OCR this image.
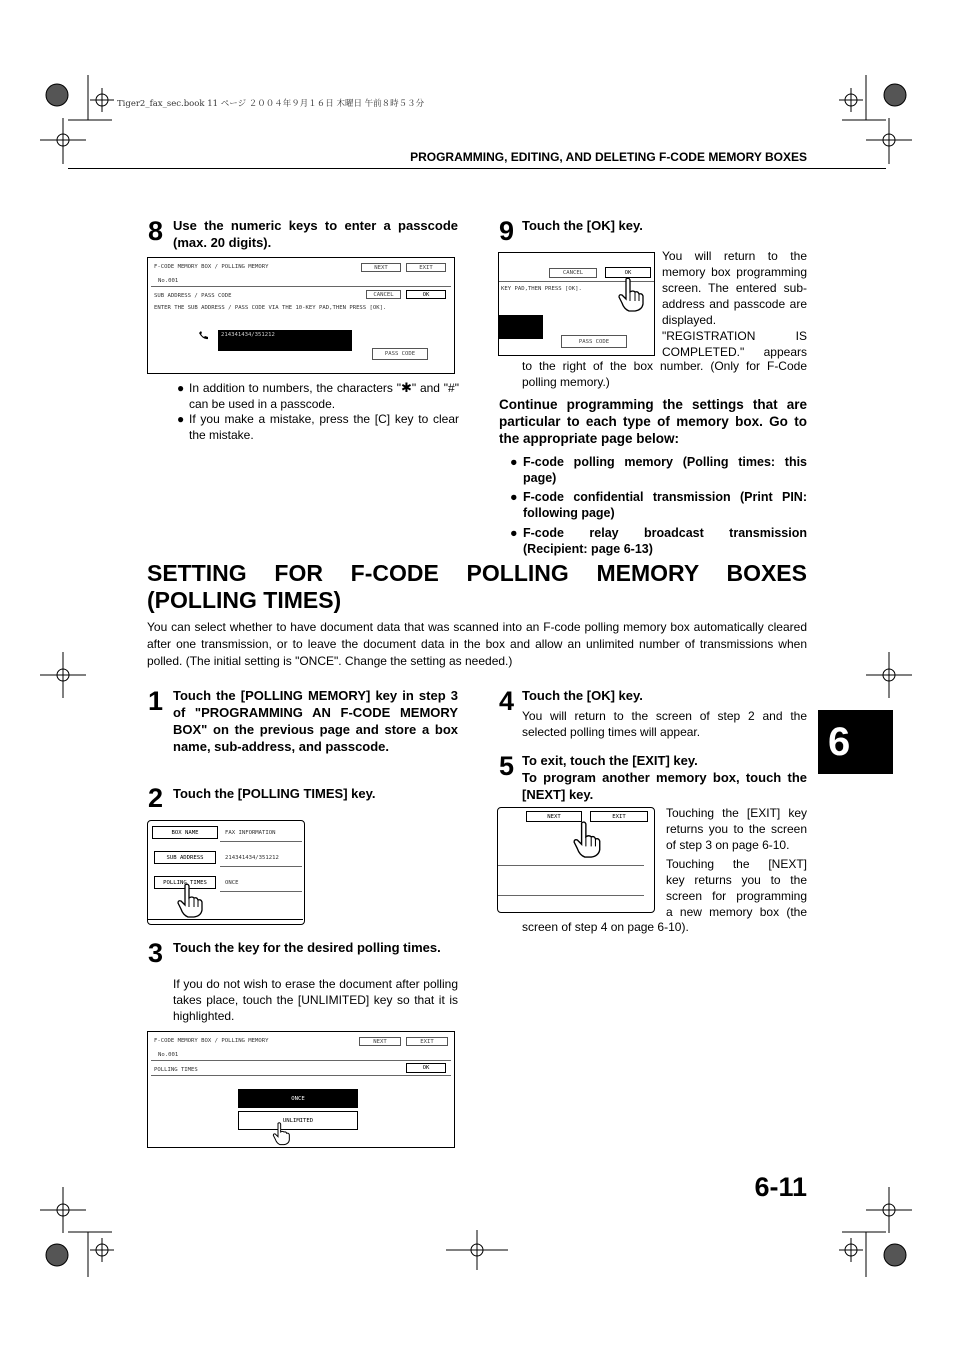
Tiger2_fax_sec.book 11 ページ ２００４年９月１６日 木曜日 午前８時５３分
PROGRAMMING, EDITING, AND DELETING F-CODE MEMORY BOXES
8 Use the numeric keys to enter a passcode (max. 20 digits).
F-CODE MEMORY BOX / POLLING MEMORY	NEXT	EXIT
No.001
SUB ADDRESS / PASS CODE	CANCEL	OK
ENTER THE SUB ADDRESS / PASS CODE VIA THE 10-KEY PAD,THEN PRESS [OK].
214341434/351212
PASS CODE
● In addition to numbers, the characters "✱" and "#" can be used in a passcode.
● If you make a mistake, press the [C] key to clear the mistake.
9 Touch the [OK] key.
CANCEL	OK
KEY PAD,THEN PRESS [OK].
PASS CODE
You will return to the
memory box programming
screen. The entered sub-
address and passcode are
displayed.
"REGISTRATION IS
COMPLETED." appears
to the right of the box number. (Only for F-Code polling memory.)
Continue programming the settings that are particular to each type of memory box. Go to the appropriate page below:
● F-code polling memory (Polling times: this page)
● F-code confidential transmission (Print PIN: following page)
● F-code relay broadcast transmission (Recipient: page 6-13)
SETTING FOR F-CODE POLLING MEMORY BOXES (POLLING TIMES)
You can select whether to have document data that was scanned into an F-code polling memory box automatically cleared after one transmission, or to leave the document data in the box and allow an unlimited number of transmissions when polled. (The initial setting is "ONCE". Change the setting as needed.)
1 Touch the [POLLING MEMORY] key in step 3 of "PROGRAMMING AN F-CODE MEMORY BOX" on the previous page and store a box name, sub-address, and passcode.
2 Touch the [POLLING TIMES] key.
BOX NAME	FAX INFORMATION
SUB ADDRESS	214341434/351212
POLLING TIMES	ONCE
3 Touch the key for the desired polling times.
If you do not wish to erase the document after polling takes place, touch the [UNLIMITED] key so that it is highlighted.
F-CODE MEMORY BOX / POLLING MEMORY	NEXT	EXIT
No.001
POLLING TIMES	OK
ONCE
UNLIMITED
4 Touch the [OK] key.
You will return to the screen of step 2 and the selected polling times will appear.
5 To exit, touch the [EXIT] key.
To program another memory box, touch the [NEXT] key.
NEXT	EXIT	Touching the [EXIT] key
returns you to the screen
of step 3 on page 6-10.
Touching the [NEXT]
key returns you to the
screen for programming
a new memory box (the
screen of step 4 on page 6-10).
6
6-11
